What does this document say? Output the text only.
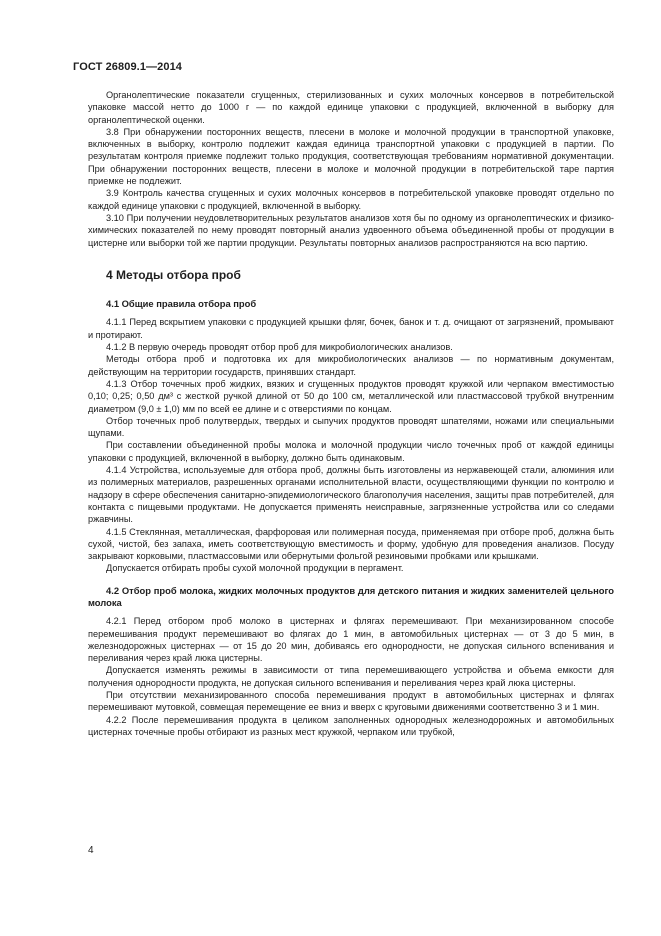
ГОСТ 26809.1—2014

Органолептические показатели сгущенных, стерилизованных и сухих молочных консервов в потребительской упаковке массой нетто до 1000 г — по каждой единице упаковки с продукцией, включенной в выборку для органолептической оценки.

3.8 При обнаружении посторонних веществ, плесени в молоке и молочной продукции в транспортной упаковке, включенных в выборку, контролю подлежит каждая единица транспортной упаковки с продукцией в партии. По результатам контроля приемке подлежит только продукция, соответствующая требованиям нормативной документации. При обнаружении посторонних веществ, плесени в молоке и молочной продукции в потребительской таре партия приемке не подлежит.

3.9 Контроль качества сгущенных и сухих молочных консервов в потребительской упаковке проводят отдельно по каждой единице упаковки с продукцией, включенной в выборку.

3.10 При получении неудовлетворительных результатов анализов хотя бы по одному из органолептических и физико-химических показателей по нему проводят повторный анализ удвоенного объема объединенной пробы от продукции в цистерне или выборки той же партии продукции. Результаты повторных анализов распространяются на всю партию.

4 Методы отбора проб
4.1 Общие правила отбора проб

4.1.1 Перед вскрытием упаковки с продукцией крышки фляг, бочек, банок и т. д. очищают от загрязнений, промывают и протирают.

4.1.2 В первую очередь проводят отбор проб для микробиологических анализов.

Методы отбора проб и подготовка их для микробиологических анализов — по нормативным документам, действующим на территории государств, принявших стандарт.

4.1.3 Отбор точечных проб жидких, вязких и сгущенных продуктов проводят кружкой или черпаком вместимостью 0,10; 0,25; 0,50 дм³ с жесткой ручкой длиной от 50 до 100 см, металлической или пластмассовой трубкой внутренним диаметром (9,0 ± 1,0) мм по всей ее длине и с отверстиями по концам.

Отбор точечных проб полутвердых, твердых и сыпучих продуктов проводят шпателями, ножами или специальными щупами.

При составлении объединенной пробы молока и молочной продукции число точечных проб от каждой единицы упаковки с продукцией, включенной в выборку, должно быть одинаковым.

4.1.4 Устройства, используемые для отбора проб, должны быть изготовлены из нержавеющей стали, алюминия или из полимерных материалов, разрешенных органами исполнительной власти, осуществляющими функции по контролю и надзору в сфере обеспечения санитарно-эпидемиологического благополучия населения, защиты прав потребителей, для контакта с пищевыми продуктами. Не допускается применять неисправные, загрязненные устройства или со следами ржавчины.

4.1.5 Стеклянная, металлическая, фарфоровая или полимерная посуда, применяемая при отборе проб, должна быть сухой, чистой, без запаха, иметь соответствующую вместимость и форму, удобную для проведения анализов. Посуду закрывают корковыми, пластмассовыми или обернутыми фольгой резиновыми пробками или крышками.

Допускается отбирать пробы сухой молочной продукции в пергамент.

4.2 Отбор проб молока, жидких молочных продуктов для детского питания и жидких заменителей цельного молока

4.2.1 Перед отбором проб молоко в цистернах и флягах перемешивают. При механизированном способе перемешивания продукт перемешивают во флягах до 1 мин, в автомобильных цистернах — от 3 до 5 мин, в железнодорожных цистернах — от 15 до 20 мин, добиваясь его однородности, не допуская сильного вспенивания и переливания через край люка цистерны.

Допускается изменять режимы в зависимости от типа перемешивающего устройства и объема емкости для получения однородности продукта, не допуская сильного вспенивания и переливания через край люка цистерны.

При отсутствии механизированного способа перемешивания продукт в автомобильных цистернах и флягах перемешивают мутовкой, совмещая перемещение ее вниз и вверх с круговыми движениями соответственно 3 и 1 мин.

4.2.2 После перемешивания продукта в целиком заполненных однородных железнодорожных и автомобильных цистернах точечные пробы отбирают из разных мест кружкой, черпаком или трубкой,

4
